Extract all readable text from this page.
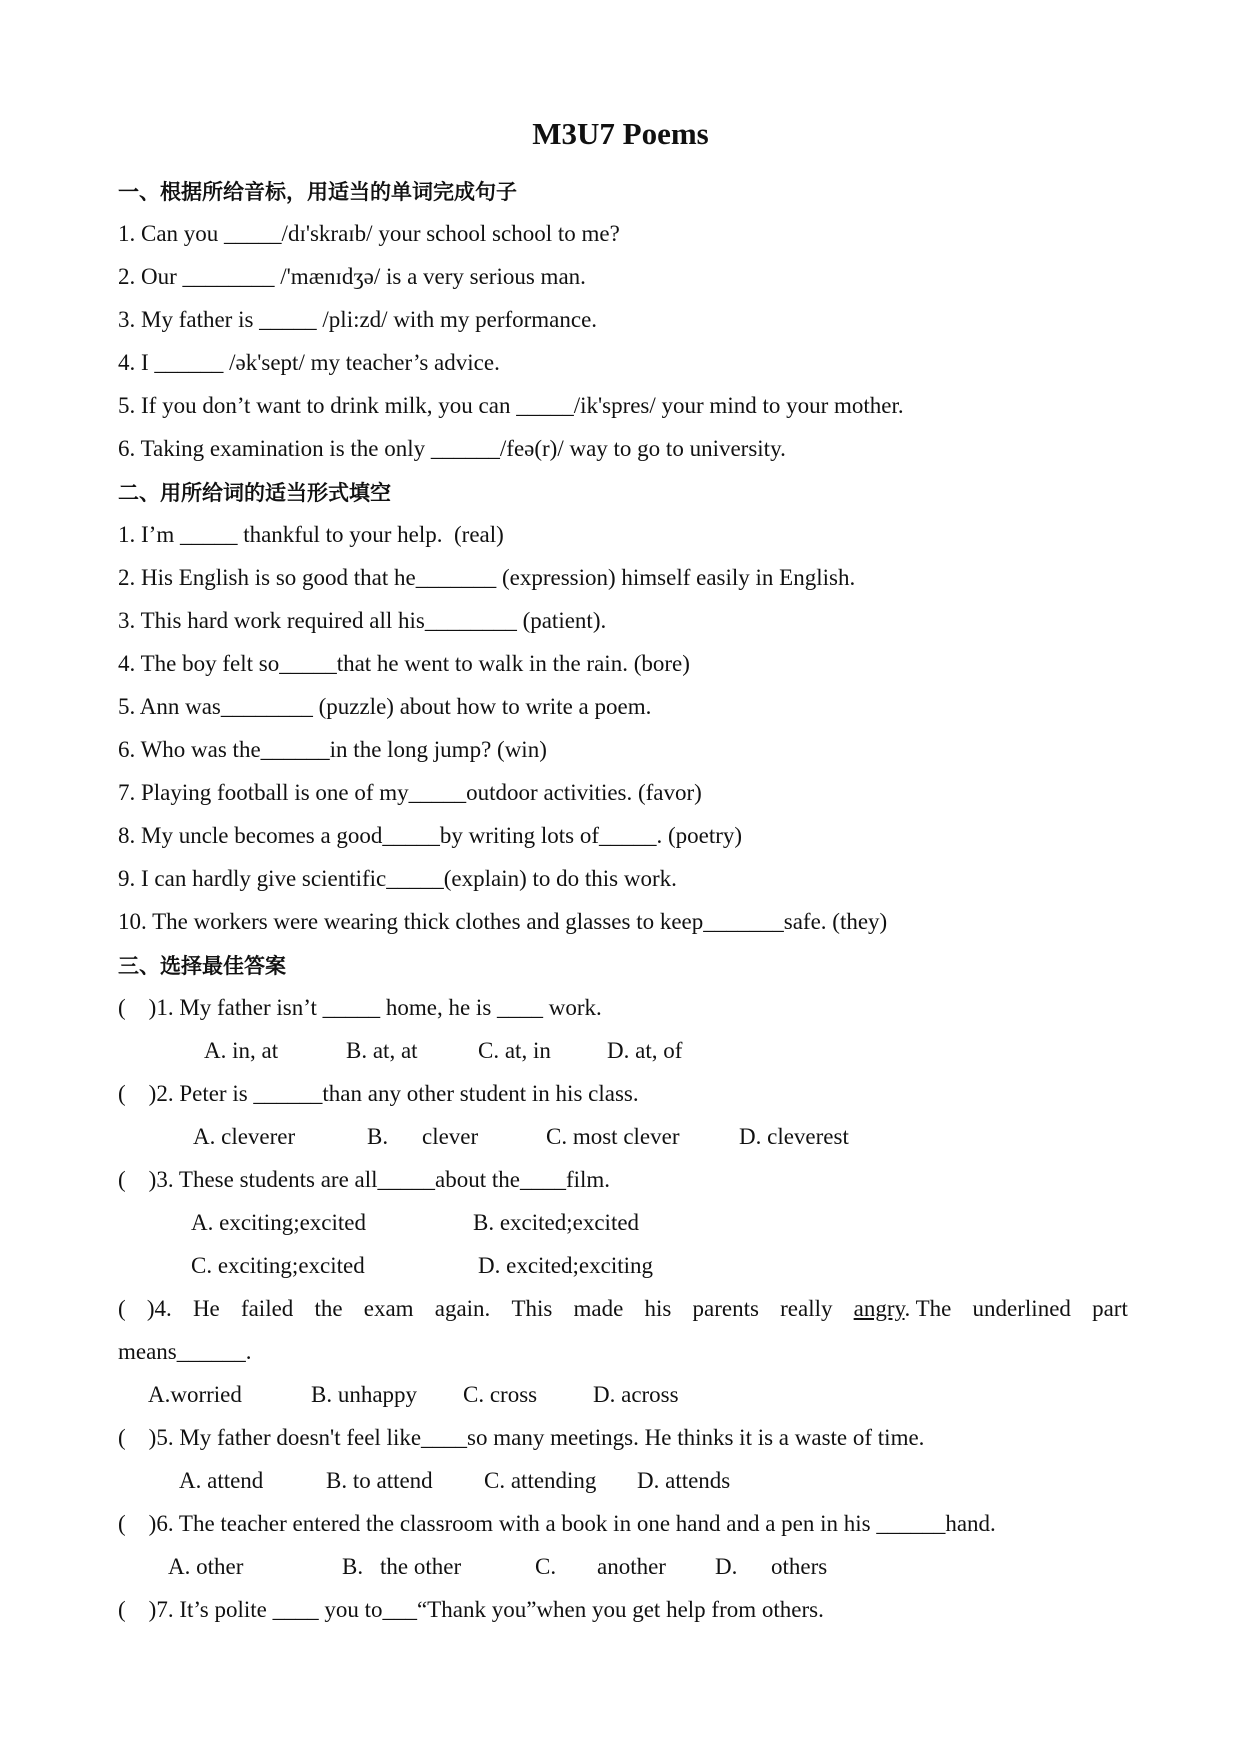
M3U7 Poems
一、根据所给音标，用适当的单词完成句子
1. Can you _____/dɪ'skraɪb/ your school school to me?
2. Our ________ /'mænɪdʒə/ is a very serious man.
3. My father is _____ /pli:zd/ with my performance.
4. I ______ /ək'sept/ my teacher’s advice.
5. If you don’t want to drink milk, you can _____/ik'spres/ your mind to your mother.
6. Taking examination is the only ______/feə(r)/ way to go to university.
二、用所给词的适当形式填空
1. I’m _____ thankful to your help.  (real)
2. His English is so good that he_______ (expression) himself easily in English.
3. This hard work required all his________ (patient).
4. The boy felt so_____that he went to walk in the rain. (bore)
5. Ann was________ (puzzle) about how to write a poem.
6. Who was the______in the long jump? (win)
7. Playing football is one of my_____outdoor activities. (favor)
8. My uncle becomes a good_____by writing lots of_____. (poetry)
9. I can hardly give scientific_____(explain) to do this work.
10. The workers were wearing thick clothes and glasses to keep_______safe. (they)
三、选择最佳答案
(    )1. My father isn’t _____ home, he is ____ work.
A. in, at	B. at, at	C. at, in D. at, of
(    )2. Peter is ______than any other student in his class.
A. cleverer	B. clever	C. most clever	D. cleverest
(    )3. These students are all_____about the____film.
A. exciting;excited	B. excited;excited
C. exciting;excited	D. excited;exciting
( )4. He failed the exam again. This made his parents really angry. The underlined part
means______.
A.worried	B. unhappy C. cross D. across
(    )5. My father doesn't feel like____so many meetings. He thinks it is a waste of time.
A. attend	B. to attend C. attending D. attends
(    )6. The teacher entered the classroom with a book in one hand and a pen in his ______hand.
A. other	B. the other	C. another D. others
(    )7. It’s polite ____ you to___“Thank you”when you get help from others.
